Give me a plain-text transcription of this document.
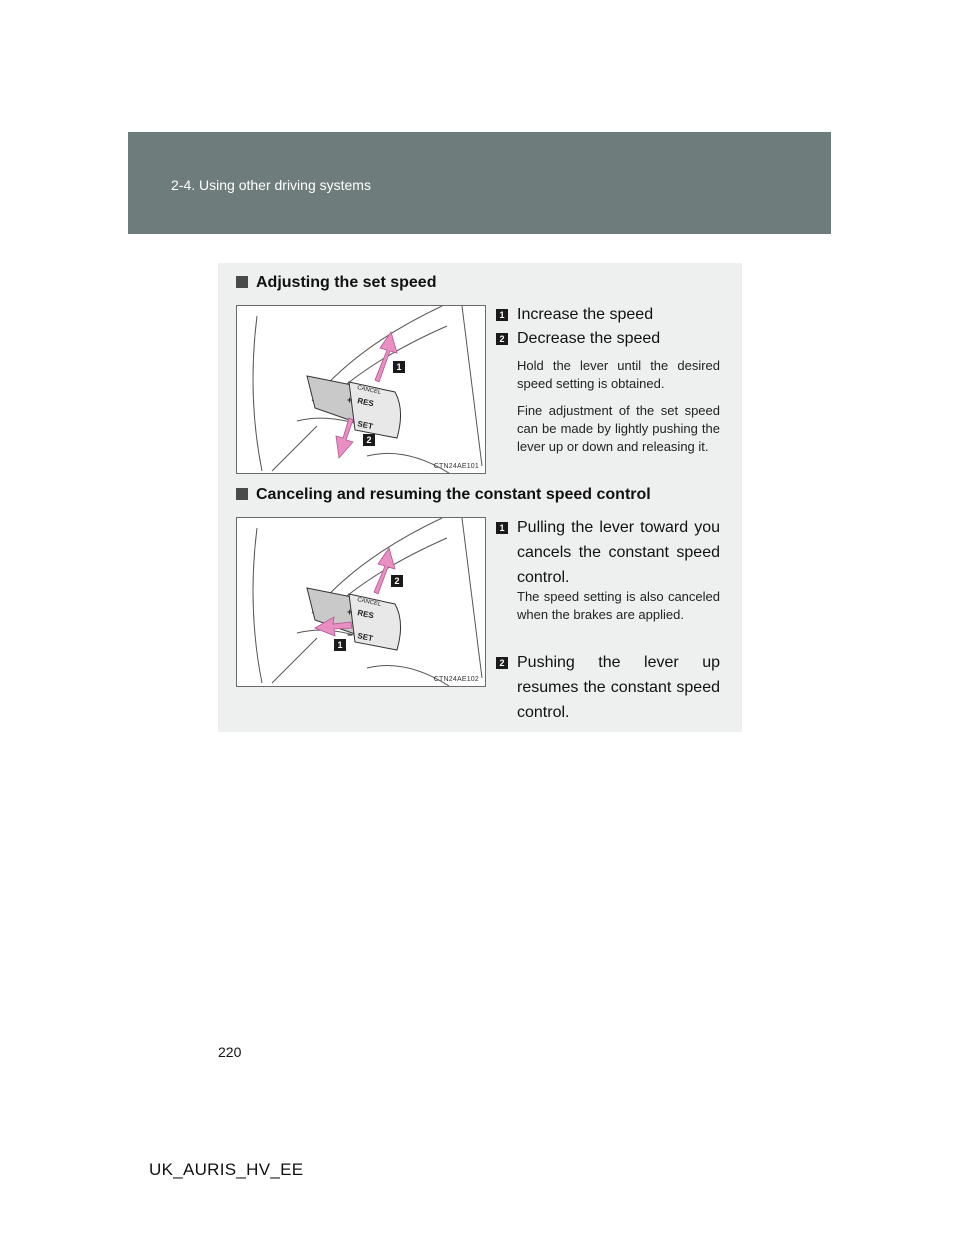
2-4. Using other driving systems
Adjusting the set speed
CANCEL
+ RES
SET
1
2
CTN24AE101
1 Increase the speed
2 Decrease the speed
Hold the lever until the desired speed setting is obtained.
Fine adjustment of the set speed can be made by lightly pushing the lever up or down and releasing it.
Canceling and resuming the constant speed control
CANCEL
+ RES
− SET
2
1
CTN24AE102
1 Pulling the lever toward you cancels the constant speed control.
The speed setting is also canceled when the brakes are applied.
2 Pushing the lever up resumes the constant speed control.
220
UK_AURIS_HV_EE
